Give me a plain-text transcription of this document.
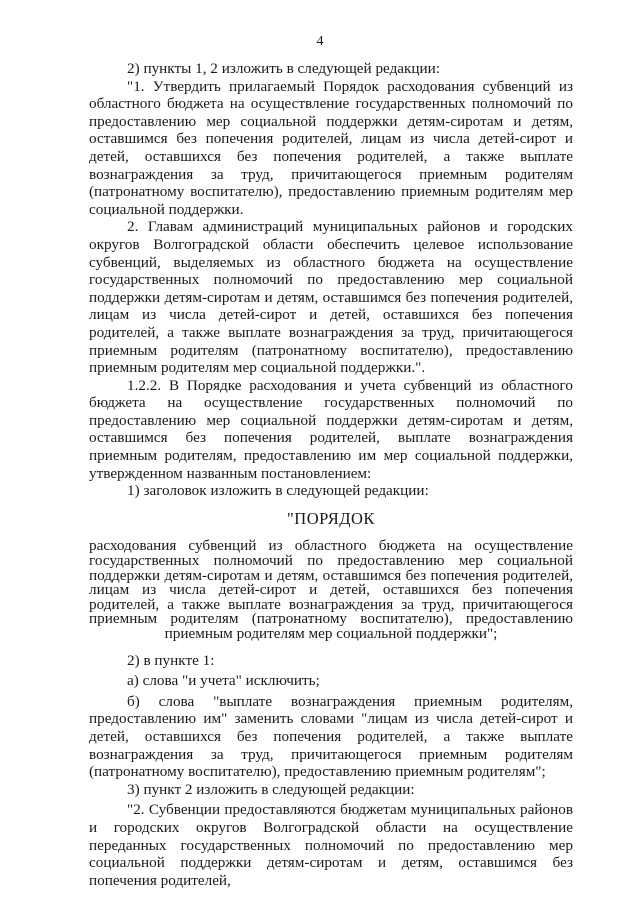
4

2) пункты 1, 2 изложить в следующей редакции:

"1. Утвердить прилагаемый Порядок расходования субвенций из областного бюджета на осуществление государственных полномочий по предоставлению мер социальной поддержки детям-сиротам и детям, оставшимся без попечения родителей, лицам из числа детей-сирот и детей, оставшихся без попечения родителей, а также выплате вознаграждения за труд, причитающегося приемным родителям (патронатному воспитателю), предоставлению приемным родителям мер социальной поддержки.

2. Главам администраций муниципальных районов и городских округов Волгоградской области обеспечить целевое использование субвенций, выделяемых из областного бюджета на осуществление государственных полномочий по предоставлению мер социальной поддержки детям-сиротам и детям, оставшимся без попечения родителей, лицам из числа детей-сирот и детей, оставшихся без попечения родителей, а также выплате вознаграждения за труд, причитающегося приемным родителям (патронатному воспитателю), предоставлению приемным родителям мер социальной поддержки.".

1.2.2. В Порядке расходования и учета субвенций из областного бюджета на осуществление государственных полномочий по предоставлению мер социальной поддержки детям-сиротам и детям, оставшимся без попечения родителей, выплате вознаграждения приемным родителям, предоставлению им мер социальной поддержки, утвержденном названным постановлением:

1) заголовок изложить в следующей редакции:

"ПОРЯДОК
расходования субвенций из областного бюджета на осуществление государственных полномочий по предоставлению мер социальной поддержки детям-сиротам и детям, оставшимся без попечения родителей, лицам из числа детей-сирот и детей, оставшихся без попечения родителей, а также выплате вознаграждения за труд, причитающегося приемным родителям (патронатному воспитателю), предоставлению приемным родителям мер социальной поддержки";

2) в пункте 1:

а) слова "и учета" исключить;

б) слова "выплате вознаграждения приемным родителям, предоставлению им" заменить словами "лицам из числа детей-сирот и детей, оставшихся без попечения родителей, а также выплате вознаграждения за труд, причитающегося приемным родителям (патронатному воспитателю), предоставлению приемным родителям";

3) пункт 2 изложить в следующей редакции:

"2. Субвенции предоставляются бюджетам муниципальных районов и городских округов Волгоградской области на осуществление переданных государственных полномочий по предоставлению мер социальной поддержки детям-сиротам и детям, оставшимся без попечения родителей,
